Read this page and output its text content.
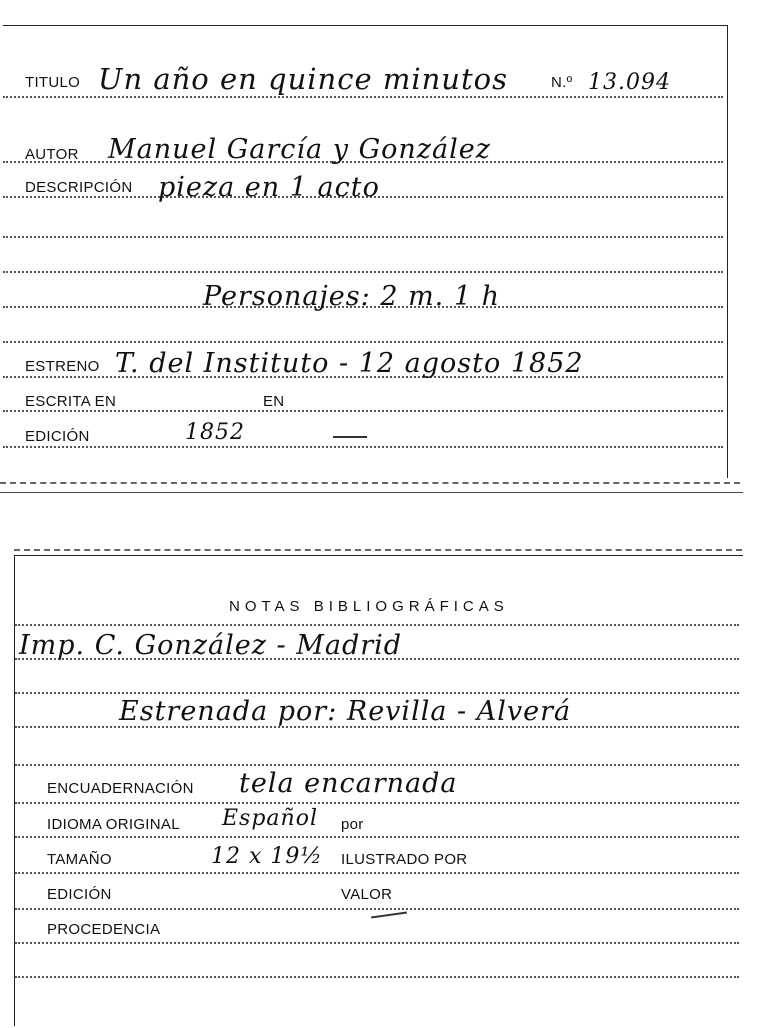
TITULO Un año en quince minutos	N.º 13.094
AUTOR Manuel García y González
DESCRIPCIÓN pieza en 1 acto
Personajes: 2 m. 1 h
ESTRENO T. del Instituto - 12 agosto 1852
ESCRITA EN	EN
EDICIÓN	1852
NOTAS BIBLIOGRÁFICAS
Imp. C. González - Madrid
Estrenada por: Revilla - Alverá
ENCUADERNACIÓN tela encarnada
IDIOMA ORIGINAL Español por
TAMAÑO	12 x 19½ ILUSTRADO POR
EDICIÓN	VALOR
PROCEDENCIA
